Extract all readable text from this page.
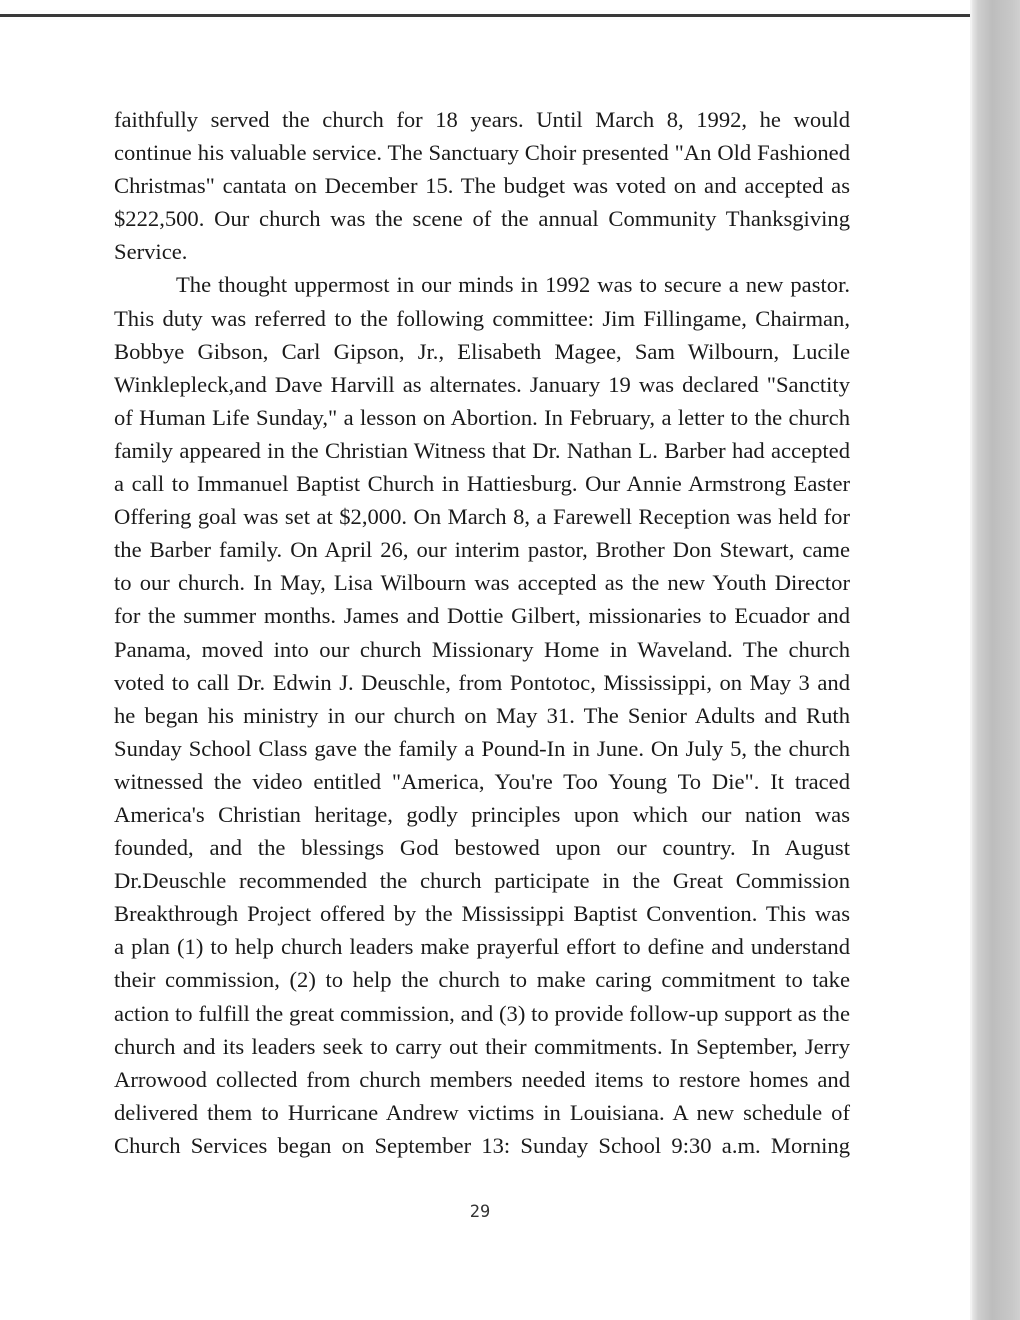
faithfully served the church for 18 years. Until March 8, 1992, he would
continue his valuable service. The Sanctuary Choir presented "An Old Fashioned
Christmas" cantata on December 15. The budget was voted on and accepted as
$222,500. Our church was the scene of the annual Community Thanksgiving
Service.
The thought uppermost in our minds in 1992 was to secure a new pastor.
This duty was referred to the following committee: Jim Fillingame, Chairman,
Bobbye Gibson, Carl Gipson, Jr., Elisabeth Magee, Sam Wilbourn, Lucile
Winklepleck,and Dave Harvill as alternates. January 19 was declared "Sanctity
of Human Life Sunday," a lesson on Abortion. In February, a letter to the church
family appeared in the Christian Witness that Dr. Nathan L. Barber had accepted
a call to Immanuel Baptist Church in Hattiesburg. Our Annie Armstrong Easter
Offering goal was set at $2,000. On March 8, a Farewell Reception was held for
the Barber family. On April 26, our interim pastor, Brother Don Stewart, came
to our church. In May, Lisa Wilbourn was accepted as the new Youth Director
for the summer months. James and Dottie Gilbert, missionaries to Ecuador and
Panama, moved into our church Missionary Home in Waveland. The church
voted to call Dr. Edwin J. Deuschle, from Pontotoc, Mississippi, on May 3 and
he began his ministry in our church on May 31. The Senior Adults and Ruth
Sunday School Class gave the family a Pound-In in June. On July 5, the church
witnessed the video entitled "America, You're Too Young To Die". It traced
America's Christian heritage, godly principles upon which our nation was
founded, and the blessings God bestowed upon our country. In August
Dr.Deuschle recommended the church participate in the Great Commission
Breakthrough Project offered by the Mississippi Baptist Convention. This was
a plan (1) to help church leaders make prayerful effort to define and understand
their commission, (2) to help the church to make caring commitment to take
action to fulfill the great commission, and (3) to provide follow-up support as the
church and its leaders seek to carry out their commitments. In September, Jerry
Arrowood collected from church members needed items to restore homes and
delivered them to Hurricane Andrew victims in Louisiana. A new schedule of
Church Services began on September 13: Sunday School 9:30 a.m. Morning
29
